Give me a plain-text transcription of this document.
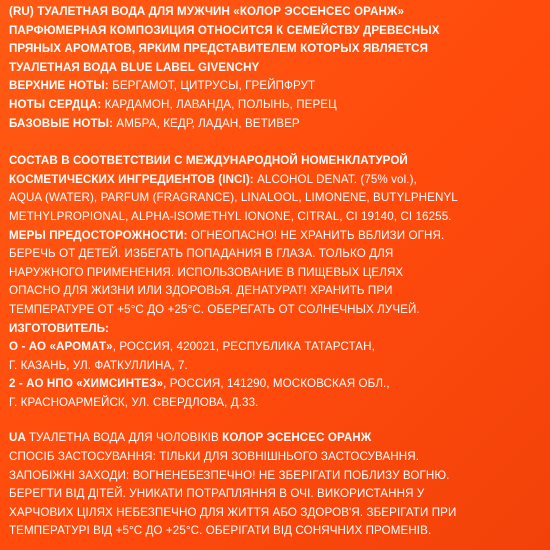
(RU) ТУАЛЕТНАЯ ВОДА ДЛЯ МУЖЧИН «КОЛОР ЭССЕНСЕС ОРАНЖ»
ПАРФЮМЕРНАЯ КОМПОЗИЦИЯ ОТНОСИТСЯ К СЕМЕЙСТВУ ДРЕВЕСНЫХ
ПРЯНЫХ АРОМАТОВ, ЯРКИМ ПРЕДСТАВИТЕЛЕМ КОТОРЫХ ЯВЛЯЕТСЯ
ТУАЛЕТНАЯ ВОДА BLUE LABEL GIVENCHY
ВЕРХНИЕ НОТЫ: БЕРГАМОТ, ЦИТРУСЫ, ГРЕЙПФРУТ
НОТЫ СЕРДЦА: КАРДАМОН, ЛАВАНДА, ПОЛЫНЬ, ПЕРЕЦ
БАЗОВЫЕ НОТЫ: АМБРА, КЕДР, ЛАДАН, ВЕТИВЕР
СОСТАВ В СООТВЕТСТВИИ С МЕЖДУНАРОДНОЙ НОМЕНКЛАТУРОЙ
КОСМЕТИЧЕСКИХ ИНГРЕДИЕНТОВ (INCI): ALCOHOL DENAT. (75% vol.),
AQUA (WATER), PARFUM (FRAGRANCE), LINALOOL, LIMONENE, BUTYLPHENYL
METHYLPROPIONAL, ALPHA-ISOMETHYL IONONE, CITRAL, CI 19140, CI 16255.
МЕРЫ ПРЕДОСТОРОЖНОСТИ: ОГНЕОПАСНО! НЕ ХРАНИТЬ ВБЛИЗИ ОГНЯ.
БЕРЕЧЬ ОТ ДЕТЕЙ. ИЗБЕГАТЬ ПОПАДАНИЯ В ГЛАЗА. ТОЛЬКО ДЛЯ
НАРУЖНОГО ПРИМЕНЕНИЯ. ИСПОЛЬЗОВАНИЕ В ПИЩЕВЫХ ЦЕЛЯХ
ОПАСНО ДЛЯ ЖИЗНИ ИЛИ ЗДОРОВЬЯ. ДЕНАТУРАТ! ХРАНИТЬ ПРИ
ТЕМПЕРАТУРЕ ОТ +5°С ДО +25°С. ОБЕРЕГАТЬ ОТ СОЛНЕЧНЫХ ЛУЧЕЙ.
ИЗГОТОВИТЕЛЬ:
О - АО «АРОМАТ», РОССИЯ, 420021, РЕСПУБЛИКА ТАТАРСТАН,
Г. КАЗАНЬ, УЛ. ФАТКУЛЛИНА, 7.
2 - АО НПО «ХИМСИНТЕЗ», РОССИЯ, 141290, МОСКОВСКАЯ ОБЛ.,
Г. КРАСНОАРМЕЙСК, УЛ. СВЕРДЛОВА, Д.33.
UA ТУАЛЕТНА ВОДА ДЛЯ ЧОЛОВІКІВ КОЛОР ЭСЕНСЕС ОРАНЖ
СПОСІБ ЗАСТОСУВАННЯ: ТІЛЬКИ ДЛЯ ЗОВНІШНЬОГО ЗАСТОСУВАННЯ.
ЗАПОБІЖНІ ЗАХОДИ: ВОГНЕНЕБЕЗПЕЧНО! НЕ ЗБЕРІГАТИ ПОБЛИЗУ ВОГНЮ.
БЕРЕГТИ ВІД ДІТЕЙ. УНИКАТИ ПОТРАПЛЯННЯ В ОЧІ. ВИКОРИСТАННЯ У
ХАРЧОВИХ ЦІЛЯХ НЕБЕЗПЕЧНО ДЛЯ ЖИТТЯ АБО ЗДОРОВ'Я. ЗБЕРІГАТИ ПРИ
ТЕМПЕРАТУРІ ВІД +5°С ДО +25°С. ОБЕРІГАТИ ВІД СОНЯЧНИХ ПРОМЕНІВ.
